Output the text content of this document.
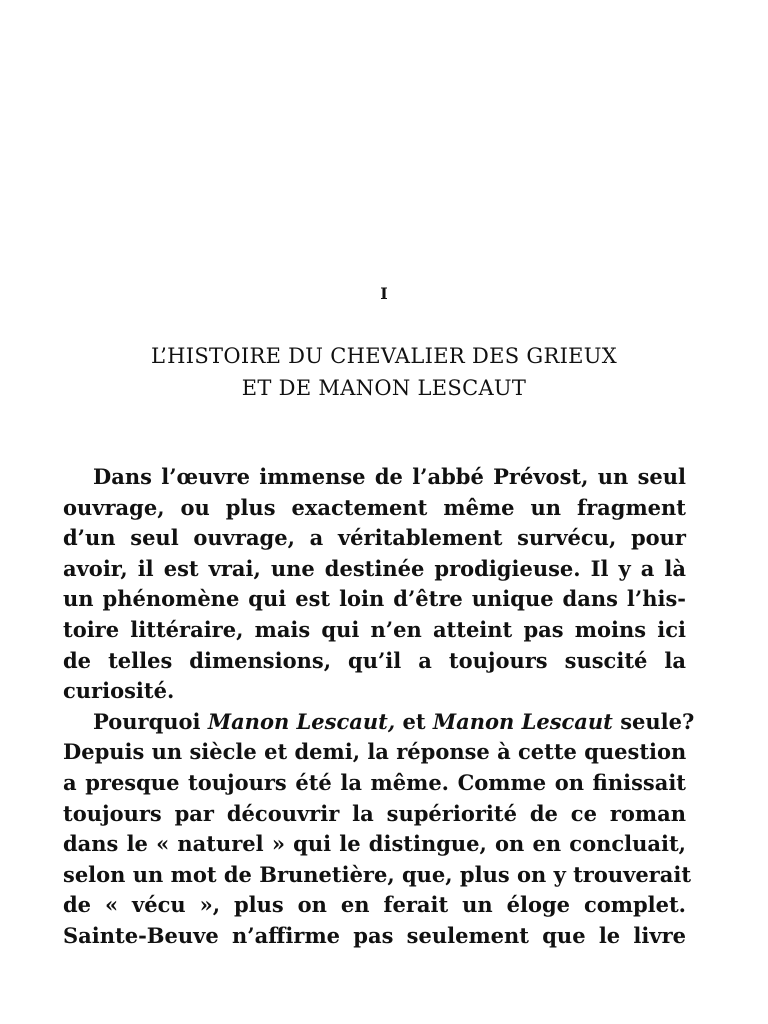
I
L’HISTOIRE DU CHEVALIER DES GRIEUX
ET DE MANON LESCAUT

Dans l’œuvre immense de l’abbé Prévost, un seul
ouvrage, ou plus exactement même un fragment
d’un seul ouvrage, a véritablement survécu, pour
avoir, il est vrai, une destinée prodigieuse. Il y a là
un phénomène qui est loin d’être unique dans l’his-
toire littéraire, mais qui n’en atteint pas moins ici
de telles dimensions, qu’il a toujours suscité la
curiosité.

Pourquoi Manon Lescaut, et Manon Lescaut seule?
Depuis un siècle et demi, la réponse à cette question
a presque toujours été la même. Comme on finissait
toujours par découvrir la supériorité de ce roman
dans le « naturel » qui le distingue, on en concluait,
selon un mot de Brunetière, que, plus on y trouverait
de « vécu », plus on en ferait un éloge complet.
Sainte-Beuve n’affirme pas seulement que le livre
